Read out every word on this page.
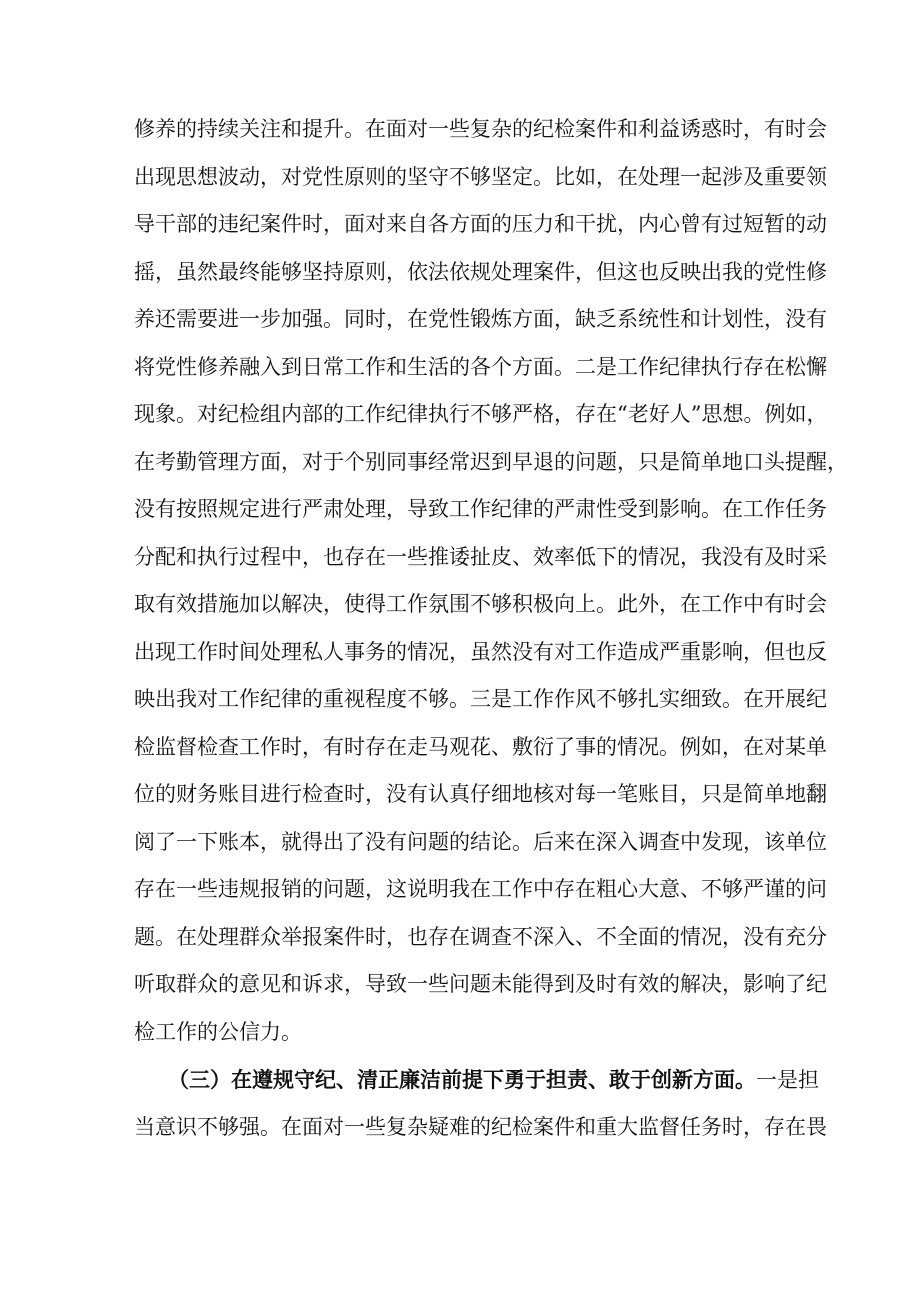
修养的持续关注和提升。在面对一些复杂的纪检案件和利益诱惑时，有时会
出现思想波动，对党性原则的坚守不够坚定。比如，在处理一起涉及重要领
导干部的违纪案件时，面对来自各方面的压力和干扰，内心曾有过短暂的动
摇，虽然最终能够坚持原则，依法依规处理案件，但这也反映出我的党性修
养还需要进一步加强。同时，在党性锻炼方面，缺乏系统性和计划性，没有
将党性修养融入到日常工作和生活的各个方面。二是工作纪律执行存在松懈
现象。对纪检组内部的工作纪律执行不够严格，存在“老好人”思想。例如，
在考勤管理方面，对于个别同事经常迟到早退的问题，只是简单地口头提醒，
没有按照规定进行严肃处理，导致工作纪律的严肃性受到影响。在工作任务
分配和执行过程中，也存在一些推诿扯皮、效率低下的情况，我没有及时采
取有效措施加以解决，使得工作氛围不够积极向上。此外，在工作中有时会
出现工作时间处理私人事务的情况，虽然没有对工作造成严重影响，但也反
映出我对工作纪律的重视程度不够。三是工作作风不够扎实细致。在开展纪
检监督检查工作时，有时存在走马观花、敷衍了事的情况。例如，在对某单
位的财务账目进行检查时，没有认真仔细地核对每一笔账目，只是简单地翻
阅了一下账本，就得出了没有问题的结论。后来在深入调查中发现，该单位
存在一些违规报销的问题，这说明我在工作中存在粗心大意、不够严谨的问
题。在处理群众举报案件时，也存在调查不深入、不全面的情况，没有充分
听取群众的意见和诉求，导致一些问题未能得到及时有效的解决，影响了纪
检工作的公信力。
（三）在遵规守纪、清正廉洁前提下勇于担责、敢于创新方面。一是担
当意识不够强。在面对一些复杂疑难的纪检案件和重大监督任务时，存在畏
